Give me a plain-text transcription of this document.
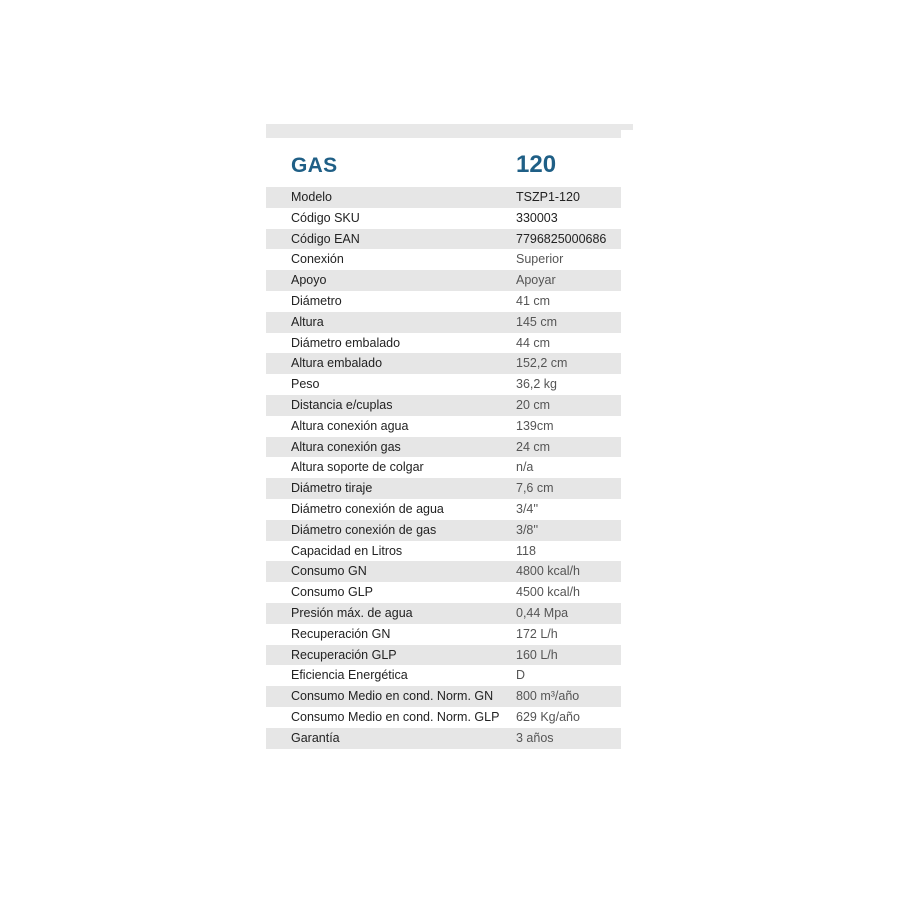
GAS	120
Modelo	TSZP1-120
Código SKU	330003
Código EAN	7796825000686
Conexión	Superior
Apoyo	Apoyar
Diámetro	41 cm
Altura	145 cm
Diámetro embalado	44 cm
Altura embalado	152,2 cm
Peso	36,2 kg
Distancia e/cuplas	20 cm
Altura conexión agua	139cm
Altura conexión gas	24 cm
Altura soporte de colgar	n/a
Diámetro tiraje	7,6 cm
Diámetro conexión de agua	3/4''
Diámetro conexión de gas	3/8''
Capacidad en Litros	118
Consumo GN	4800 kcal/h
Consumo GLP	4500 kcal/h
Presión máx. de agua	0,44 Mpa
Recuperación GN	172 L/h
Recuperación GLP	160 L/h
Eficiencia Energética	D
Consumo Medio en cond. Norm. GN 800 m³/año
Consumo Medio en cond. Norm. GLP 629 Kg/año
Garantía	3 años
